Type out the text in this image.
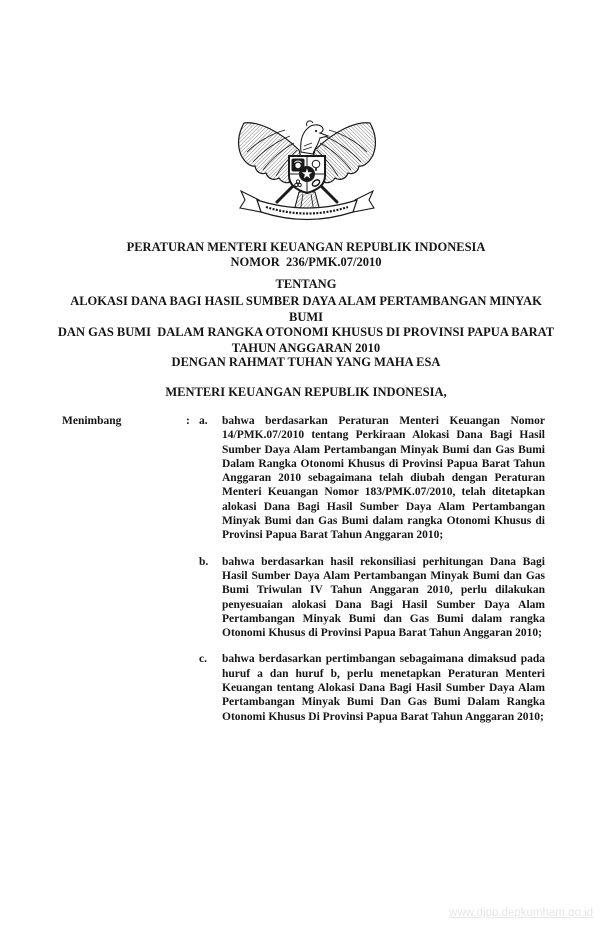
PERATURAN MENTERI KEUANGAN REPUBLIK INDONESIA
NOMOR  236/PMK.07/2010
TENTANG
ALOKASI DANA BAGI HASIL SUMBER DAYA ALAM PERTAMBANGAN MINYAK BUMI
DAN GAS BUMI  DALAM RANGKA OTONOMI KHUSUS DI PROVINSI PAPUA BARAT
TAHUN ANGGARAN 2010
DENGAN RAHMAT TUHAN YANG MAHA ESA
MENTERI KEUANGAN REPUBLIK INDONESIA,
Menimbang	: a.	bahwa berdasarkan Peraturan Menteri Keuangan Nomor 14/PMK.07/2010 tentang Perkiraan Alokasi Dana Bagi Hasil Sumber Daya Alam Pertambangan Minyak Bumi dan Gas Bumi Dalam Rangka Otonomi Khusus di Provinsi Papua Barat Tahun Anggaran 2010 sebagaimana telah diubah dengan Peraturan Menteri Keuangan Nomor 183/PMK.07/2010, telah ditetapkan alokasi Dana Bagi Hasil Sumber Daya Alam Pertambangan Minyak Bumi dan Gas Bumi dalam rangka Otonomi Khusus di Provinsi Papua Barat Tahun Anggaran 2010;
b.	bahwa berdasarkan hasil rekonsiliasi perhitungan Dana Bagi Hasil Sumber Daya Alam Pertambangan Minyak Bumi dan Gas Bumi Triwulan IV Tahun Anggaran 2010, perlu dilakukan penyesuaian alokasi Dana Bagi Hasil Sumber Daya Alam Pertambangan Minyak Bumi dan Gas Bumi dalam rangka Otonomi Khusus di Provinsi Papua Barat Tahun Anggaran 2010;
c.	bahwa berdasarkan pertimbangan sebagaimana dimaksud pada huruf a dan huruf b, perlu menetapkan Peraturan Menteri Keuangan tentang Alokasi Dana Bagi Hasil Sumber Daya Alam Pertambangan Minyak Bumi Dan Gas Bumi Dalam Rangka Otonomi Khusus Di Provinsi Papua Barat Tahun Anggaran 2010;
www.djpp.depkumham.go.id
